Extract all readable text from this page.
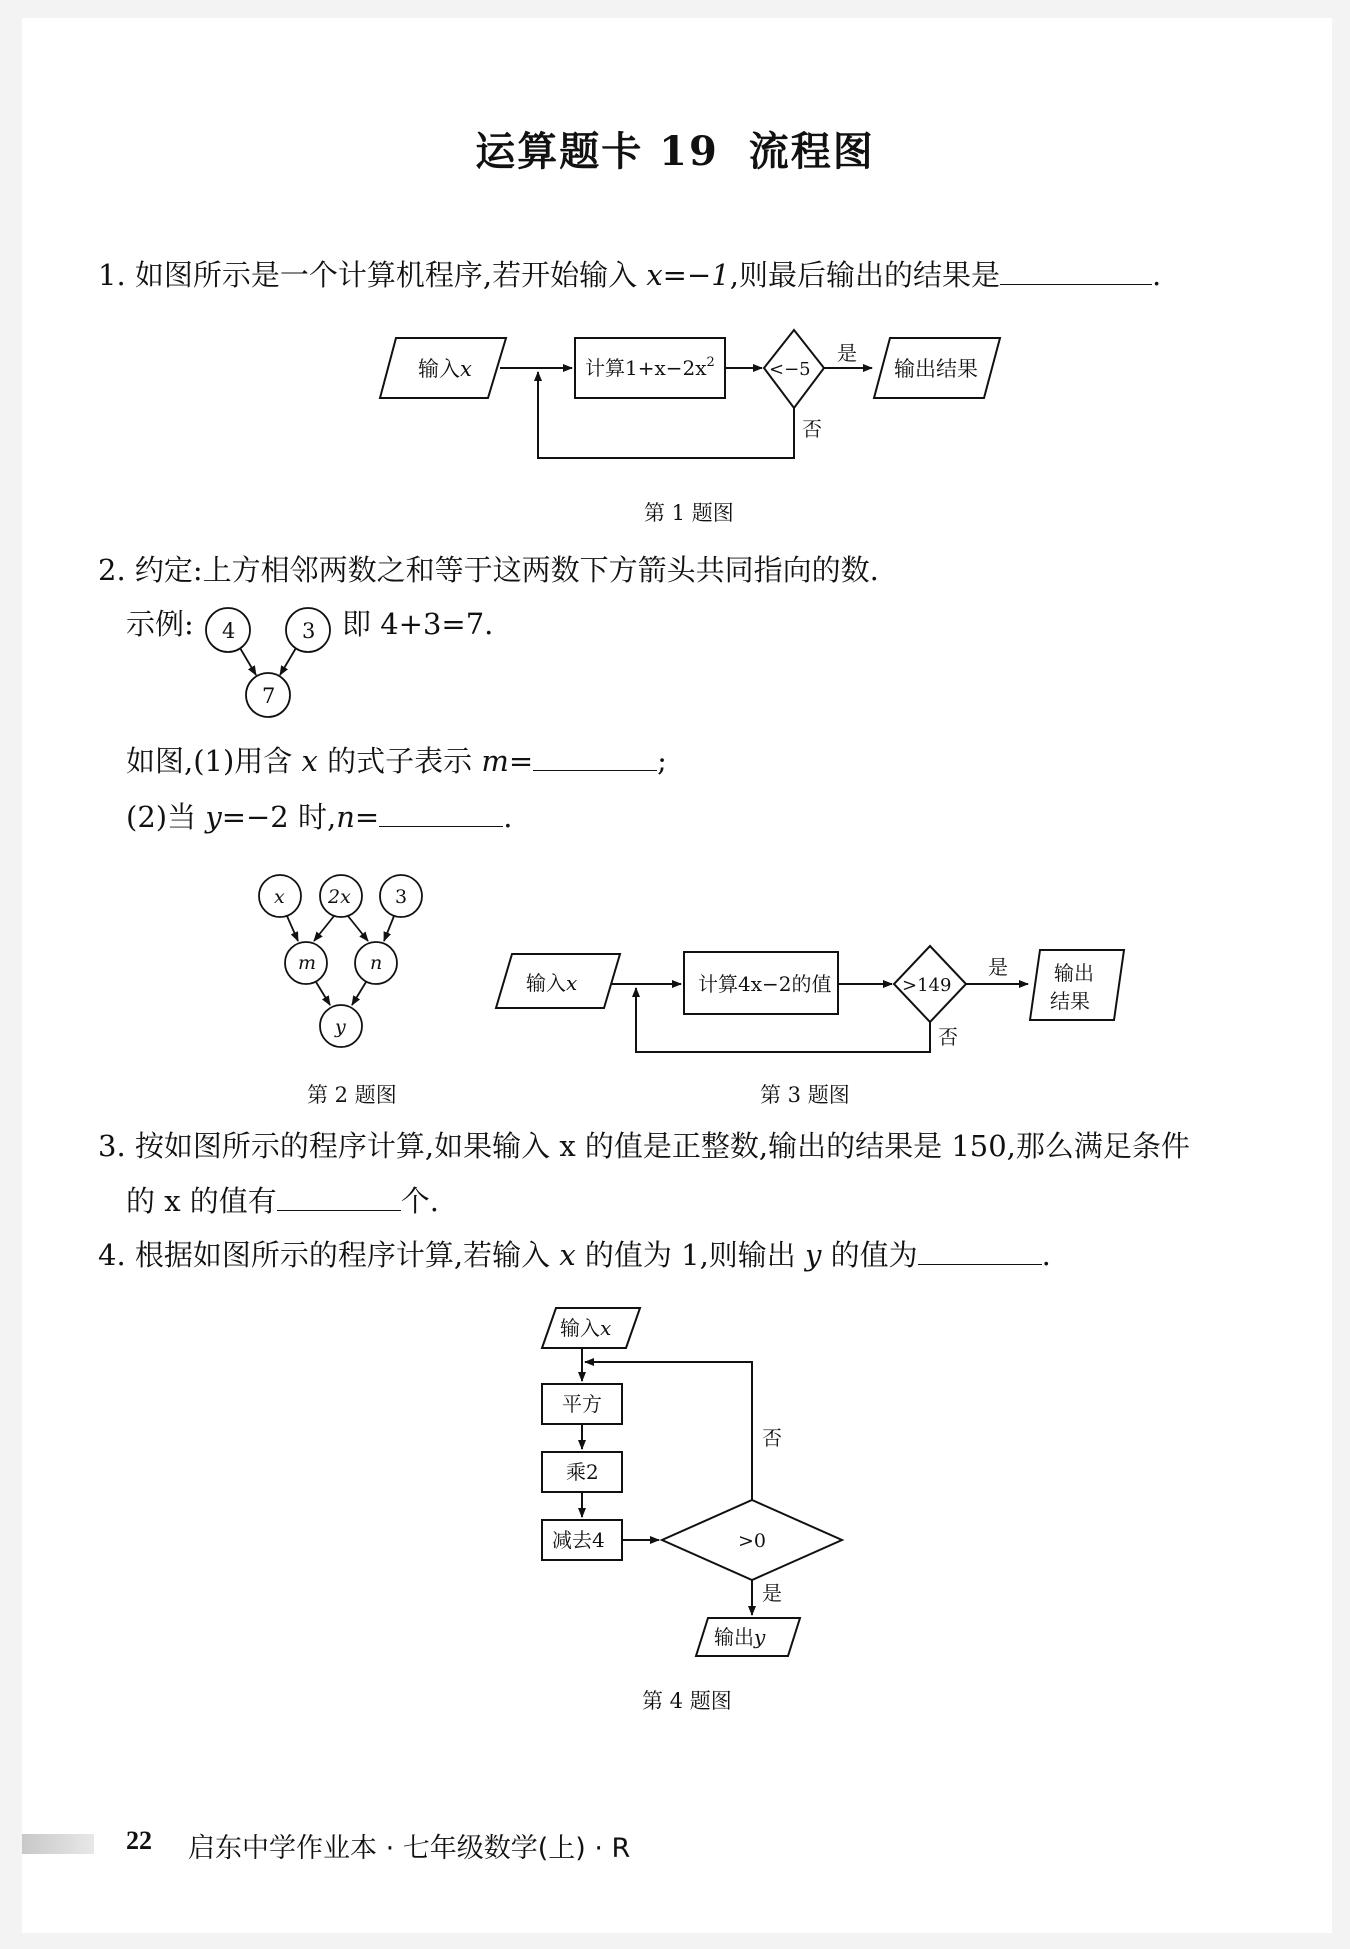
运算题卡 19 流程图
1. 如图所示是一个计算机程序,若开始输入 x=−1,则最后输出的结果是	.
输入x	计算$1+x-2x^2$	<−5
是
否
输出结果
第 1 题图
2. 约定:上方相邻两数之和等于这两数下方箭头共同指向的数.
示例: 4	3
7
即 4+3=7.
如图,(1)用含 x 的式子表示 m=	;
(2)当 y=−2 时,n=	.
x 2x 3
m	n
y
第 2 题图
输入x	计算4x−2的值	>149
是
否
输出
结果
第 3 题图
3. 按如图所示的程序计算,如果输入 x 的值是正整数,输出的结果是 150,那么满足条件
的 x 的值有	个.
4. 根据如图所示的程序计算,若输入 x 的值为 1,则输出 y 的值为	.
输入x
平方
乘2
减去4	>0
是
否
输出y
第 4 题图
22 启东中学作业本 · 七年级数学(上) · R
